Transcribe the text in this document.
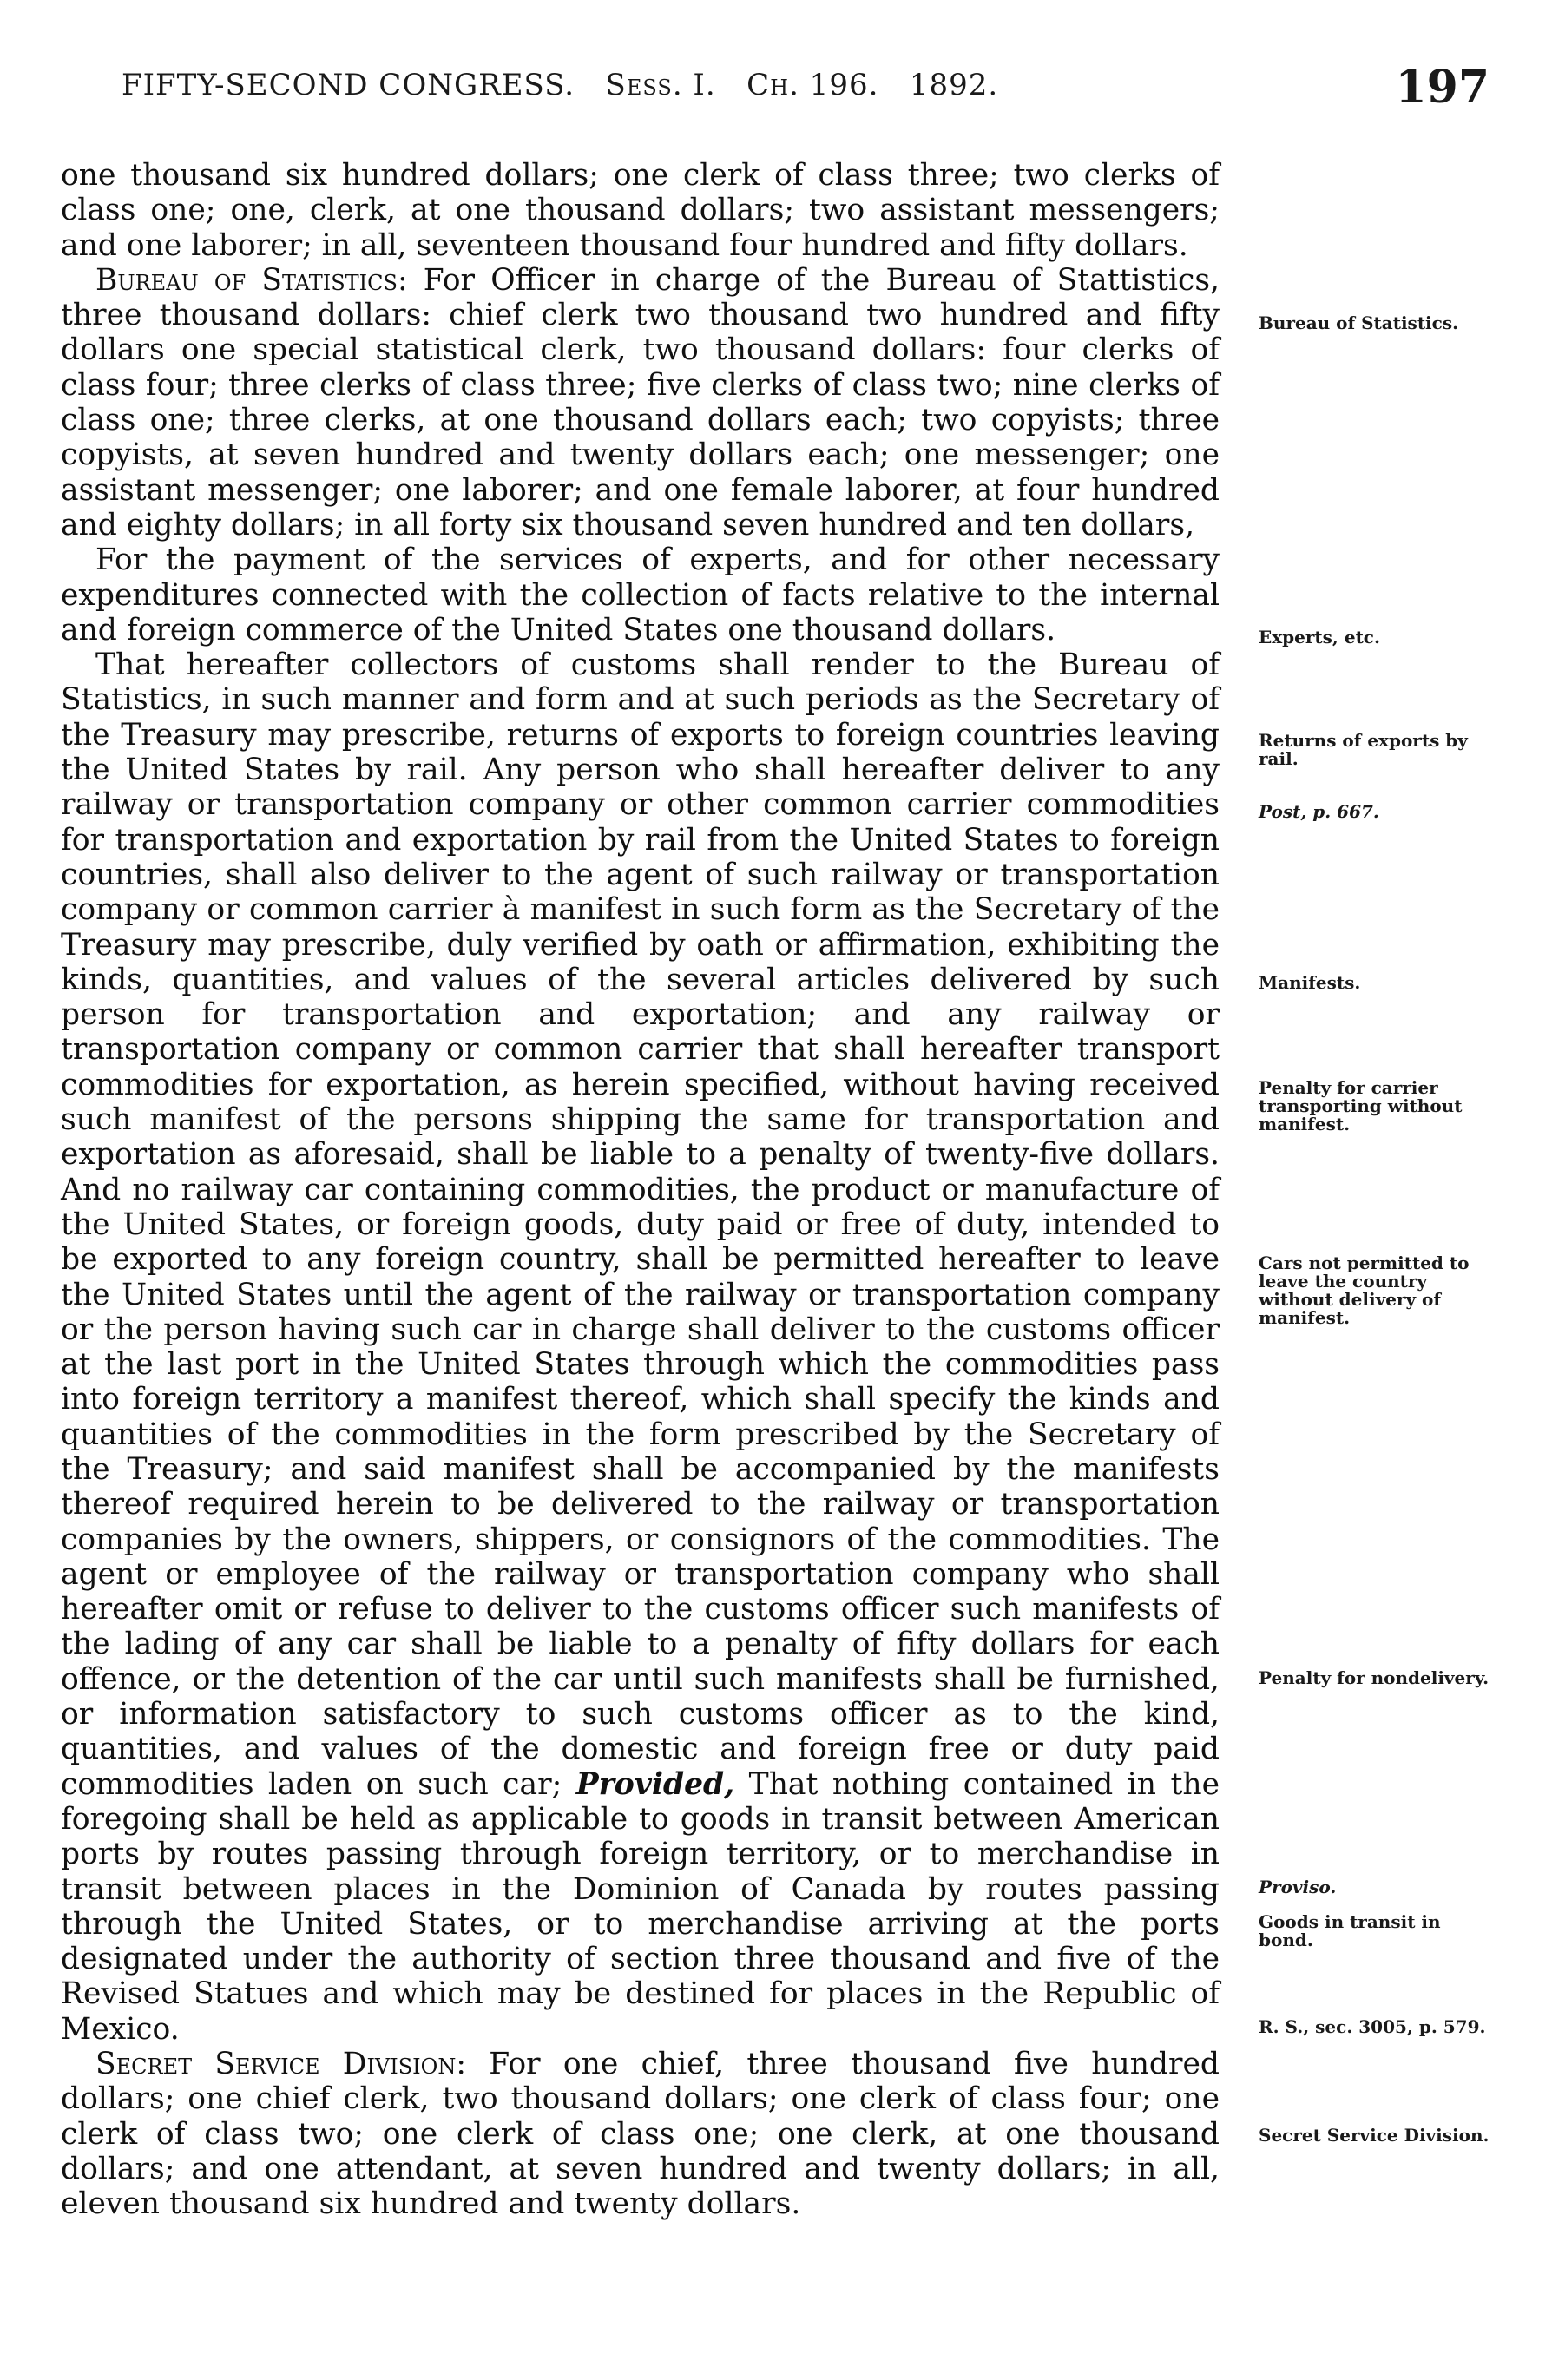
FIFTY-SECOND CONGRESS. Sess. I. Ch. 196. 1892.	197

one thousand six hundred dollars; one clerk of class three; two clerks of class one; one, clerk, at one thousand dollars; two assistant messengers; and one laborer; in all, seventeen thousand four hundred and fifty dollars.

Bureau of Statistics: For Officer in charge of the Bureau of Stattistics, three thousand dollars: chief clerk two thousand two hundred and fifty dollars one special statistical clerk, two thousand dollars: four clerks of class four; three clerks of class three; five clerks of class two; nine clerks of class one; three clerks, at one thousand dollars each; two copyists; three copyists, at seven hundred and twenty dollars each; one messenger; one assistant messenger; one laborer; and one female laborer, at four hundred and eighty dollars; in all forty six thousand seven hundred and ten dollars,

For the payment of the services of experts, and for other necessary expenditures connected with the collection of facts relative to the internal and foreign commerce of the United States one thousand dollars.

That hereafter collectors of customs shall render to the Bureau of Statistics, in such manner and form and at such periods as the Secretary of the Treasury may prescribe, returns of exports to foreign countries leaving the United States by rail. Any person who shall hereafter deliver to any railway or transportation company or other common carrier commodities for transportation and exportation by rail from the United States to foreign countries, shall also deliver to the agent of such railway or transportation company or common carrier à manifest in such form as the Secretary of the Treasury may prescribe, duly verified by oath or affirmation, exhibiting the kinds, quantities, and values of the several articles delivered by such person for transportation and exportation; and any railway or transportation company or common carrier that shall hereafter transport commodities for exportation, as herein specified, without having received such manifest of the persons shipping the same for transportation and exportation as aforesaid, shall be liable to a penalty of twenty-five dollars. And no railway car containing commodities, the product or manufacture of the United States, or foreign goods, duty paid or free of duty, intended to be exported to any foreign country, shall be permitted hereafter to leave the United States until the agent of the railway or transportation company or the person having such car in charge shall deliver to the customs officer at the last port in the United States through which the commodities pass into foreign territory a manifest thereof, which shall specify the kinds and quantities of the commodities in the form prescribed by the Secretary of the Treasury; and said manifest shall be accompanied by the manifests thereof required herein to be delivered to the railway or transportation companies by the owners, shippers, or consignors of the commodities. The agent or employee of the railway or transportation company who shall hereafter omit or refuse to deliver to the customs officer such manifests of the lading of any car shall be liable to a penalty of fifty dollars for each offence, or the detention of the car until such manifests shall be furnished, or information satisfactory to such customs officer as to the kind, quantities, and values of the domestic and foreign free or duty paid commodities laden on such car; Provided, That nothing contained in the foregoing shall be held as applicable to goods in transit between American ports by routes passing through foreign territory, or to merchandise in transit between places in the Dominion of Canada by routes passing through the United States, or to merchandise arriving at the ports designated under the authority of section three thousand and five of the Revised Statues and which may be destined for places in the Republic of Mexico.

Secret Service Division: For one chief, three thousand five hundred dollars; one chief clerk, two thousand dollars; one clerk of class four; one clerk of class two; one clerk of class one; one clerk, at one thousand dollars; and one attendant, at seven hundred and twenty dollars; in all, eleven thousand six hundred and twenty dollars.

Bureau of Statistics.
Experts, etc.
Returns of exports by rail.
Post, p. 667.
Manifests.
Penalty for carrier transporting without manifest.
Cars not permitted to leave the country without delivery of manifest.
Penalty for nondelivery.
Proviso.
Goods in transit in bond.
R. S., sec. 3005, p. 579.
Secret Service Division.
